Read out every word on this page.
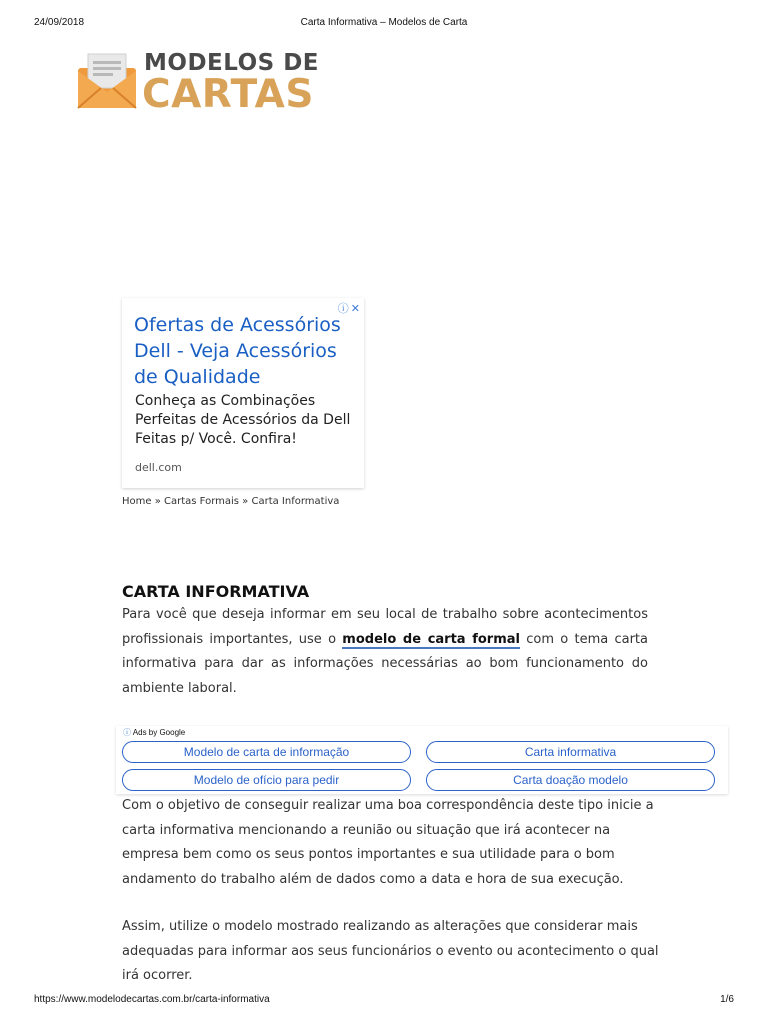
24/09/2018	Carta Informativa – Modelos de Carta
MODELOS DE
CARTAS
ⓘ ✕
Ofertas de Acessórios Dell - Veja Acessórios de Qualidade
Conheça as Combinações Perfeitas de Acessórios da Dell Feitas p/ Você. Confira!
dell.com
Home » Cartas Formais » Carta Informativa
CARTA INFORMATIVA

Para você que deseja informar em seu local de trabalho sobre acontecimentos profissionais importantes, use o modelo de carta formal com o tema carta informativa para dar as informações necessárias ao bom funcionamento do ambiente laboral.

ⓘ Ads by Google
Modelo de carta de informação	Carta informativa
Modelo de ofício para pedir	Carta doação modelo

Com o objetivo de conseguir realizar uma boa correspondência deste tipo inicie a carta informativa mencionando a reunião ou situação que irá acontecer na empresa bem como os seus pontos importantes e sua utilidade para o bom andamento do trabalho além de dados como a data e hora de sua execução.

Assim, utilize o modelo mostrado realizando as alterações que considerar mais adequadas para informar aos seus funcionários o evento ou acontecimento o qual irá ocorrer.

https://www.modelodecartas.com.br/carta-informativa	1/6
